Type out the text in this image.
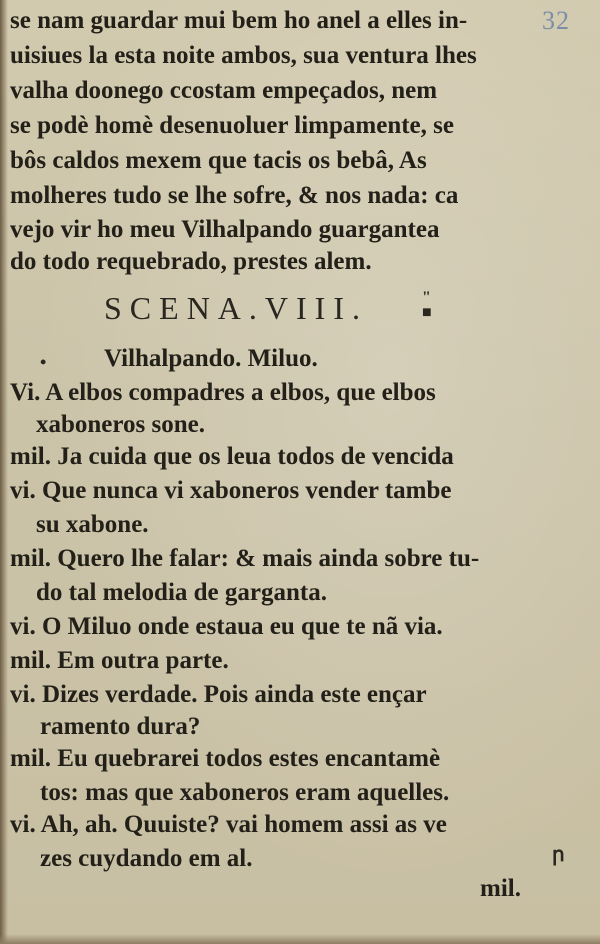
32
se nam guardar mui bem ho anel a elles in-
uisiues la esta noite ambos, sua ventura lhes
valha doonego ccostam empeçados, nem
se podè homè desenuoluer limpamente, se
bôs caldos mexem que tacis os bebâ, As
molheres tudo se lhe sofre, & nos nada: ca
vejo vir ho meu Vilhalpando guargantea
do todo requebrado, prestes alem.
SCENA.VIII.	"
■
• Vilhalpando. Miluo.
Vi. A elbos compadres a elbos, que elbos
xaboneros sone.
mil. Ja cuida que os leua todos de vencida
vi. Que nunca vi xaboneros vender tambe
su xabone.
mil. Quero lhe falar: & mais ainda sobre tu-
do tal melodia de garganta.
vi. O Miluo onde estaua eu que te nã via.
mil. Em outra parte.
vi. Dizes verdade. Pois ainda este ençar
ramento dura?
mil. Eu quebrarei todos estes encantamè
tos: mas que xaboneros eram aquelles.
vi. Ah, ah. Quuiste? vai homem assi as ve
zes cuydando em al.	ր
mil.
